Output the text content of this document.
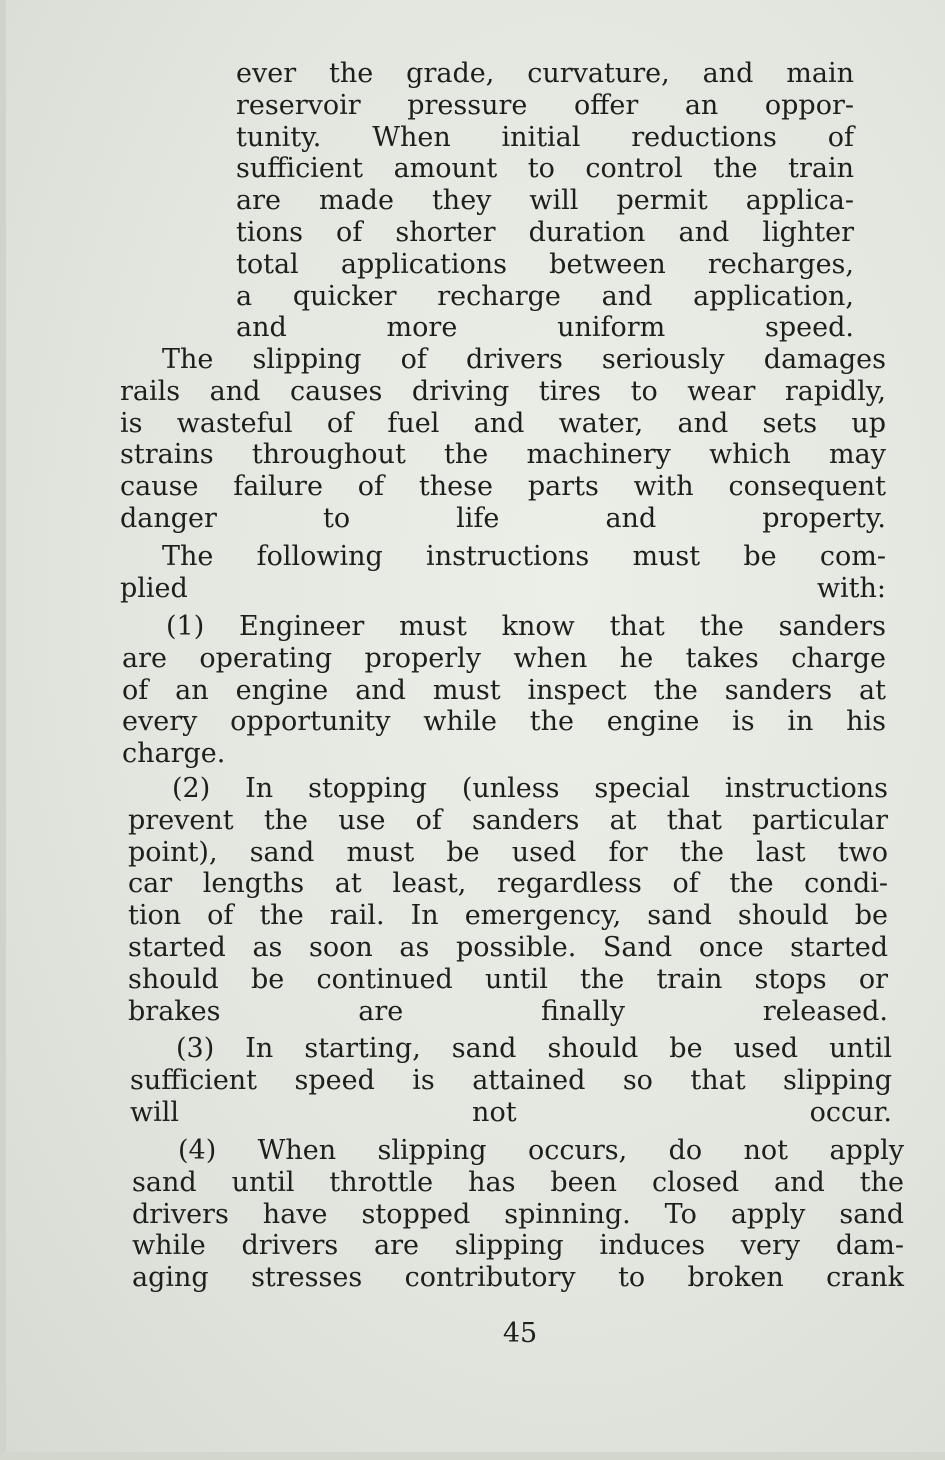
ever the grade, curvature, and main
reservoir pressure offer an oppor-
tunity. When initial reductions of
sufficient amount to control the train
are made they will permit applica-
tions of shorter duration and lighter
total applications between recharges,
a quicker recharge and application,
and more uniform speed.
The slipping of drivers seriously damages
rails and causes driving tires to wear rapidly,
is wasteful of fuel and water, and sets up
strains throughout the machinery which may
cause failure of these parts with consequent
danger to life and property.
The following instructions must be com-
plied with:
(1) Engineer must know that the sanders
are operating properly when he takes charge
of an engine and must inspect the sanders at
every opportunity while the engine is in his
charge.
(2) In stopping (unless special instructions
prevent the use of sanders at that particular
point), sand must be used for the last two
car lengths at least, regardless of the condi-
tion of the rail. In emergency, sand should be
started as soon as possible. Sand once started
should be continued until the train stops or
brakes are finally released.
(3) In starting, sand should be used until
sufficient speed is attained so that slipping
will not occur.
(4) When slipping occurs, do not apply
sand until throttle has been closed and the
drivers have stopped spinning. To apply sand
while drivers are slipping induces very dam-
aging stresses contributory to broken crank
45
